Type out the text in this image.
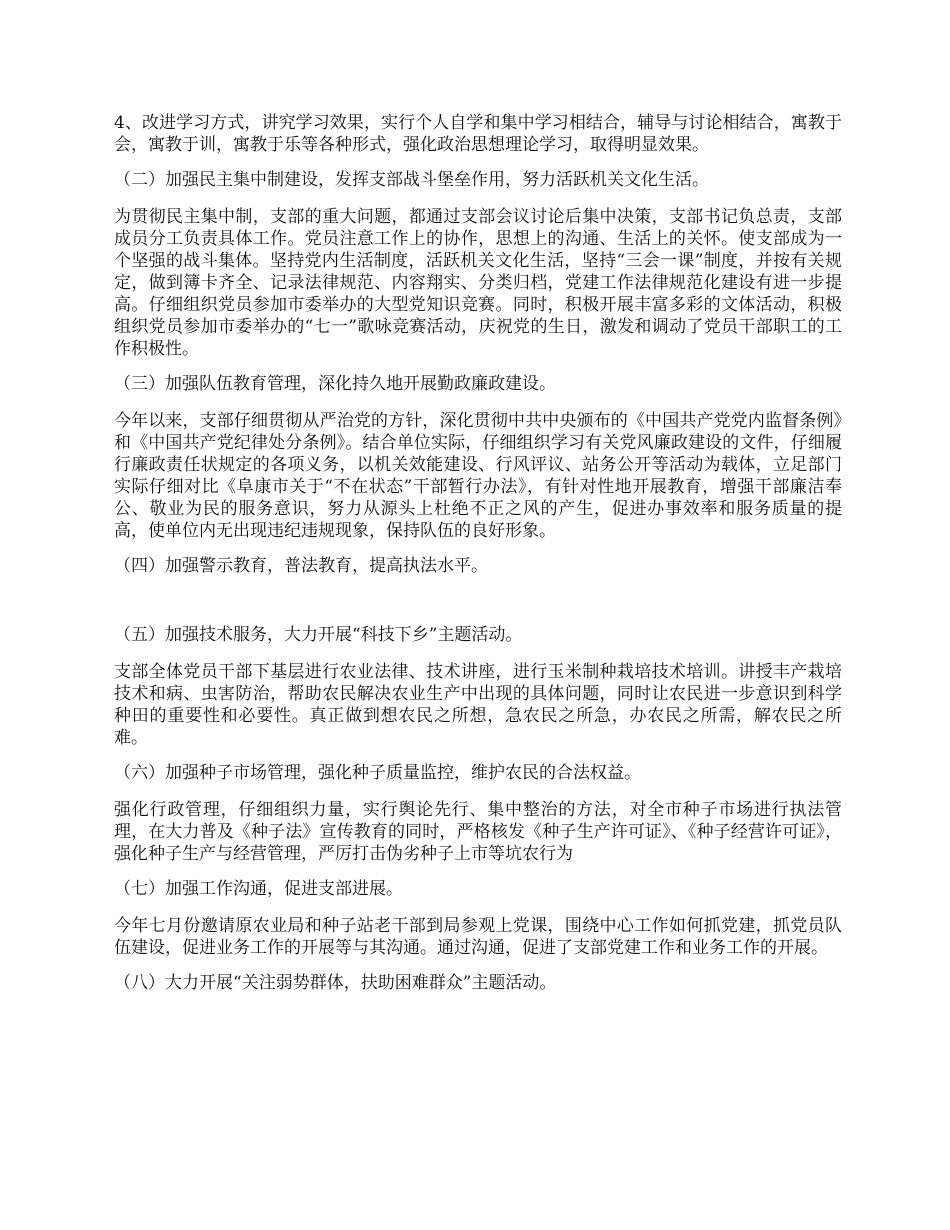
4、改进学习方式，讲究学习效果，实行个人自学和集中学习相结合，辅导与讨论相结合，寓教于会，寓教于训，寓教于乐等各种形式，强化政治思想理论学习，取得明显效果。

（二）加强民主集中制建设，发挥支部战斗堡垒作用，努力活跃机关文化生活。

为贯彻民主集中制，支部的重大问题，都通过支部会议讨论后集中决策，支部书记负总责，支部成员分工负责具体工作。党员注意工作上的协作，思想上的沟通、生活上的关怀。使支部成为一个坚强的战斗集体。坚持党内生活制度，活跃机关文化生活，坚持“三会一课”制度，并按有关规定，做到簿卡齐全、记录法律规范、内容翔实、分类归档，党建工作法律规范化建设有进一步提高。仔细组织党员参加市委举办的大型党知识竞赛。同时，积极开展丰富多彩的文体活动，积极组织党员参加市委举办的“七一”歌咏竞赛活动，庆祝党的生日，激发和调动了党员干部职工的工作积极性。

（三）加强队伍教育管理，深化持久地开展勤政廉政建设。

今年以来，支部仔细贯彻从严治党的方针，深化贯彻中共中央颁布的《中国共产党党内监督条例》和《中国共产党纪律处分条例》。结合单位实际，仔细组织学习有关党风廉政建设的文件，仔细履行廉政责任状规定的各项义务，以机关效能建设、行风评议、站务公开等活动为载体，立足部门实际仔细对比《阜康市关于“不在状态”干部暂行办法》，有针对性地开展教育，增强干部廉洁奉公、敬业为民的服务意识，努力从源头上杜绝不正之风的产生，促进办事效率和服务质量的提高，使单位内无出现违纪违规现象，保持队伍的良好形象。

（四）加强警示教育，普法教育，提高执法水平。

（五）加强技术服务，大力开展“科技下乡”主题活动。

支部全体党员干部下基层进行农业法律、技术讲座，进行玉米制种栽培技术培训。讲授丰产栽培技术和病、虫害防治，帮助农民解决农业生产中出现的具体问题，同时让农民进一步意识到科学种田的重要性和必要性。真正做到想农民之所想，急农民之所急，办农民之所需，解农民之所难。

（六）加强种子市场管理，强化种子质量监控，维护农民的合法权益。

强化行政管理，仔细组织力量，实行舆论先行、集中整治的方法，对全市种子市场进行执法管理，在大力普及《种子法》宣传教育的同时，严格核发《种子生产许可证》、《种子经营许可证》，强化种子生产与经营管理，严厉打击伪劣种子上市等坑农行为

（七）加强工作沟通，促进支部进展。

今年七月份邀请原农业局和种子站老干部到局参观上党课，围绕中心工作如何抓党建，抓党员队伍建设，促进业务工作的开展等与其沟通。通过沟通，促进了支部党建工作和业务工作的开展。

（八）大力开展“关注弱势群体，扶助困难群众”主题活动。
